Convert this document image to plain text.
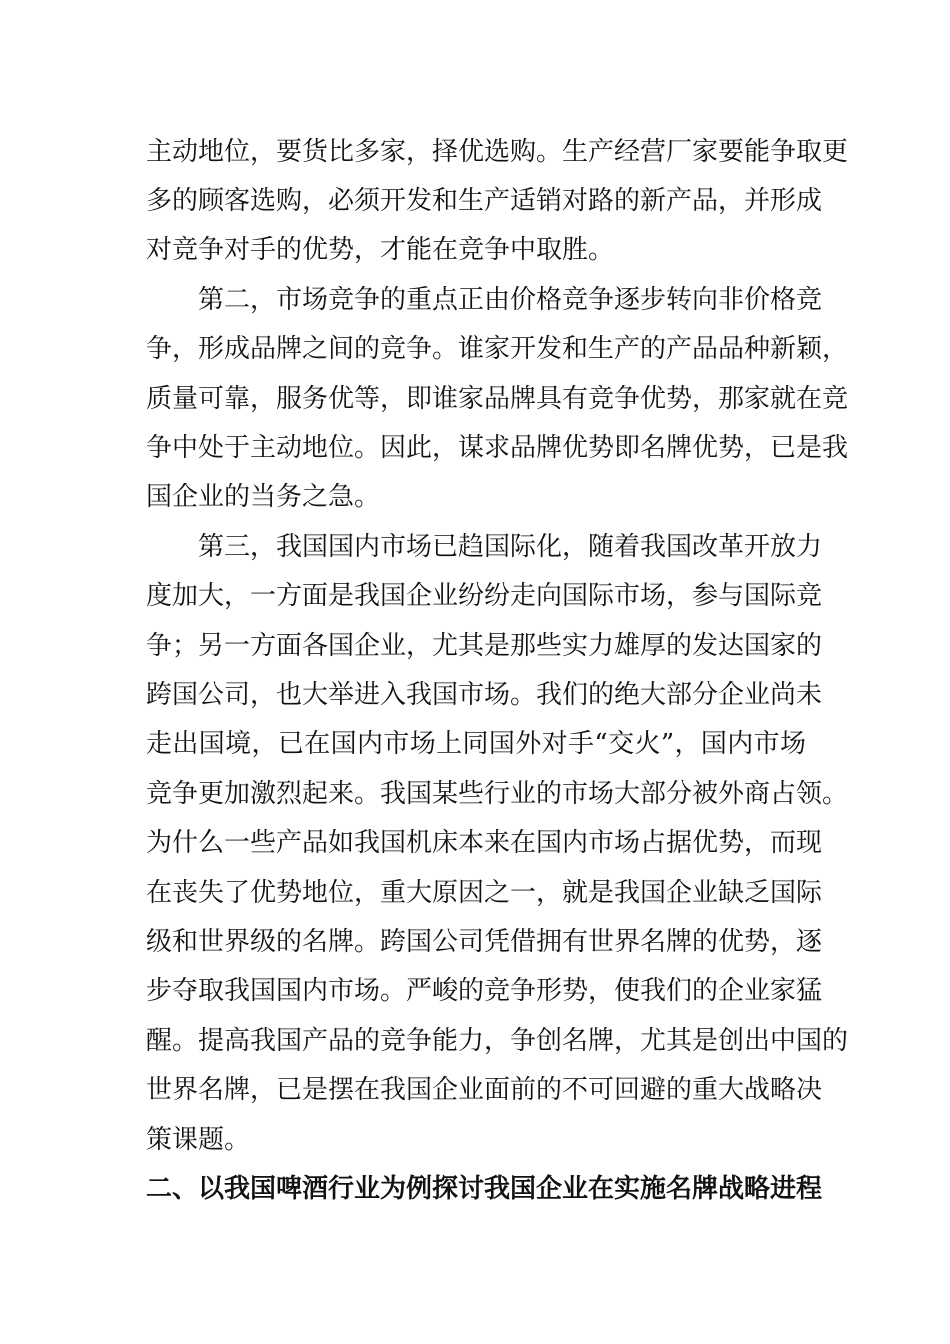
主动地位，要货比多家，择优选购。生产经营厂家要能争取更
多的顾客选购，必须开发和生产适销对路的新产品，并形成
对竞争对手的优势，才能在竞争中取胜。
第二，市场竞争的重点正由价格竞争逐步转向非价格竞
争，形成品牌之间的竞争。谁家开发和生产的产品品种新颖，
质量可靠，服务优等，即谁家品牌具有竞争优势，那家就在竞
争中处于主动地位。因此，谋求品牌优势即名牌优势，已是我
国企业的当务之急。
第三，我国国内市场已趋国际化，随着我国改革开放力
度加大，一方面是我国企业纷纷走向国际市场，参与国际竞
争；另一方面各国企业，尤其是那些实力雄厚的发达国家的
跨国公司，也大举进入我国市场。我们的绝大部分企业尚未
走出国境，已在国内市场上同国外对手“交火”，国内市场
竞争更加激烈起来。我国某些行业的市场大部分被外商占领。
为什么一些产品如我国机床本来在国内市场占据优势，而现
在丧失了优势地位，重大原因之一，就是我国企业缺乏国际
级和世界级的名牌。跨国公司凭借拥有世界名牌的优势，逐
步夺取我国国内市场。严峻的竞争形势，使我们的企业家猛
醒。提高我国产品的竞争能力，争创名牌，尤其是创出中国的
世界名牌，已是摆在我国企业面前的不可回避的重大战略决
策课题。
二、以我国啤酒行业为例探讨我国企业在实施名牌战略进程
